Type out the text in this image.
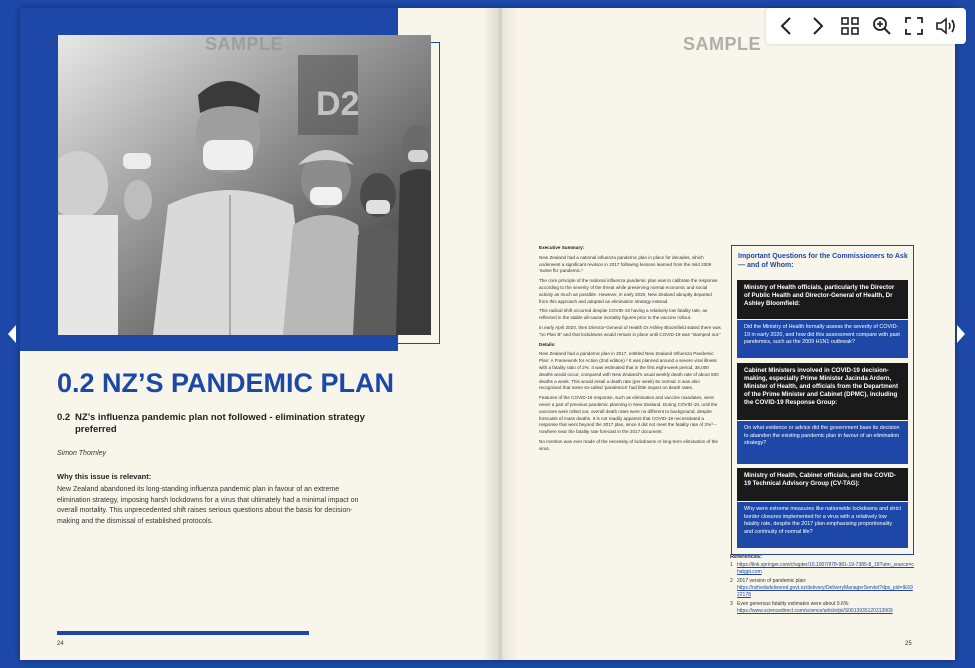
D2
SAMPLE
0.2 NZ’S PANDEMIC PLAN
0.2 NZ’s influenza pandemic plan not followed - elimination strategy preferred
Simon Thornley
Why this issue is relevant:
New Zealand abandoned its long-standing influenza pandemic plan in favour of an extreme elimination strategy, imposing harsh lockdowns for a virus that ultimately had a minimal impact on overall mortality. This unprecedented shift raises serious questions about the basis for decision-making and the dismissal of established protocols.
24
SAMPLE

Executive Summary:

New Zealand had a national influenza pandemic plan in place for decades, which underwent a significant revision in 2017 following lessons learned from the mild 2009 ‘swine flu’ pandemic.¹

The core principle of the national influenza pandemic plan was to calibrate the response according to the severity of the threat while preserving normal economic and social activity as much as possible. However, in early 2020, New Zealand abruptly departed from this approach and adopted an elimination strategy instead.

This radical shift occurred despite COVID-19 having a relatively low fatality rate, as reflected in the stable all-cause mortality figures prior to the vaccine rollout.

In early April 2020, then Director-General of Health Dr Ashley Bloomfield stated there was “no Plan B” and that lockdowns would remain in place until COVID-19 was “stamped out.”

Details:

New Zealand had a pandemic plan in 2017, entitled New Zealand Influenza Pandemic Plan: A Framework for Action (2nd edition).² It was planned around a severe viral illness with a fatality ratio of 2%. It was estimated that in the first eight-week period, 38,000 deaths would occur, compared with New Zealand’s usual weekly death rate of about 600 deaths a week. This would entail a death rate (per week) 8x normal. It was also recognised that some so-called ‘pandemics’ had little impact on death rates.

Features of the COVID-19 response, such as elimination and vaccine mandates, were never a part of previous pandemic planning in New Zealand. During COVID-19, until the vaccines were rolled out, overall death rates were no different to background, despite forecasts of mass deaths. It is not readily apparent that COVID-19 necessitated a response that went beyond the 2017 plan, since it did not meet the fatality rate of 2%³ – nowhere near the fatality rate forecast in the 2017 document.

No mention was ever made of the necessity of lockdowns or long-term elimination of the virus.

Important Questions for the Commissioners to Ask — and of Whom:
Ministry of Health officials, particularly the Director of Public Health and Director-General of Health, Dr Ashley Bloomfield:
Did the Ministry of Health formally assess the severity of COVID-19 in early 2020, and how did this assessment compare with past pandemics, such as the 2009 H1N1 outbreak?
Cabinet Ministers involved in COVID-19 decision-making, especially Prime Minister Jacinda Ardern, Minister of Health, and officials from the Department of the Prime Minister and Cabinet (DPMC), including the COVID-19 Response Group:
On what evidence or advice did the government base its decision to abandon the existing pandemic plan in favour of an elimination strategy?
Ministry of Health, Cabinet officials, and the COVID-19 Technical Advisory Group (CV-TAG):
Why were extreme measures like nationwide lockdowns and strict border closures implemented for a virus with a relatively low fatality rate, despite the 2017 plan emphasising proportionality and continuity of normal life?
References:
1 https://link.springer.com/chapter/10.1007/978-981-19-7385-8_18?utm_source=chatgpt.com
2 2017 version of pandemic plan:
https://nzhedsdelivered.govt.nz/delivery/DeliveryManagerServlet?dps_pid=IE6922178
3 Even generous fatality estimates were about 0.6%:
https://www.sciencedirect.com/science/article/pii/S0013935120313909
25
